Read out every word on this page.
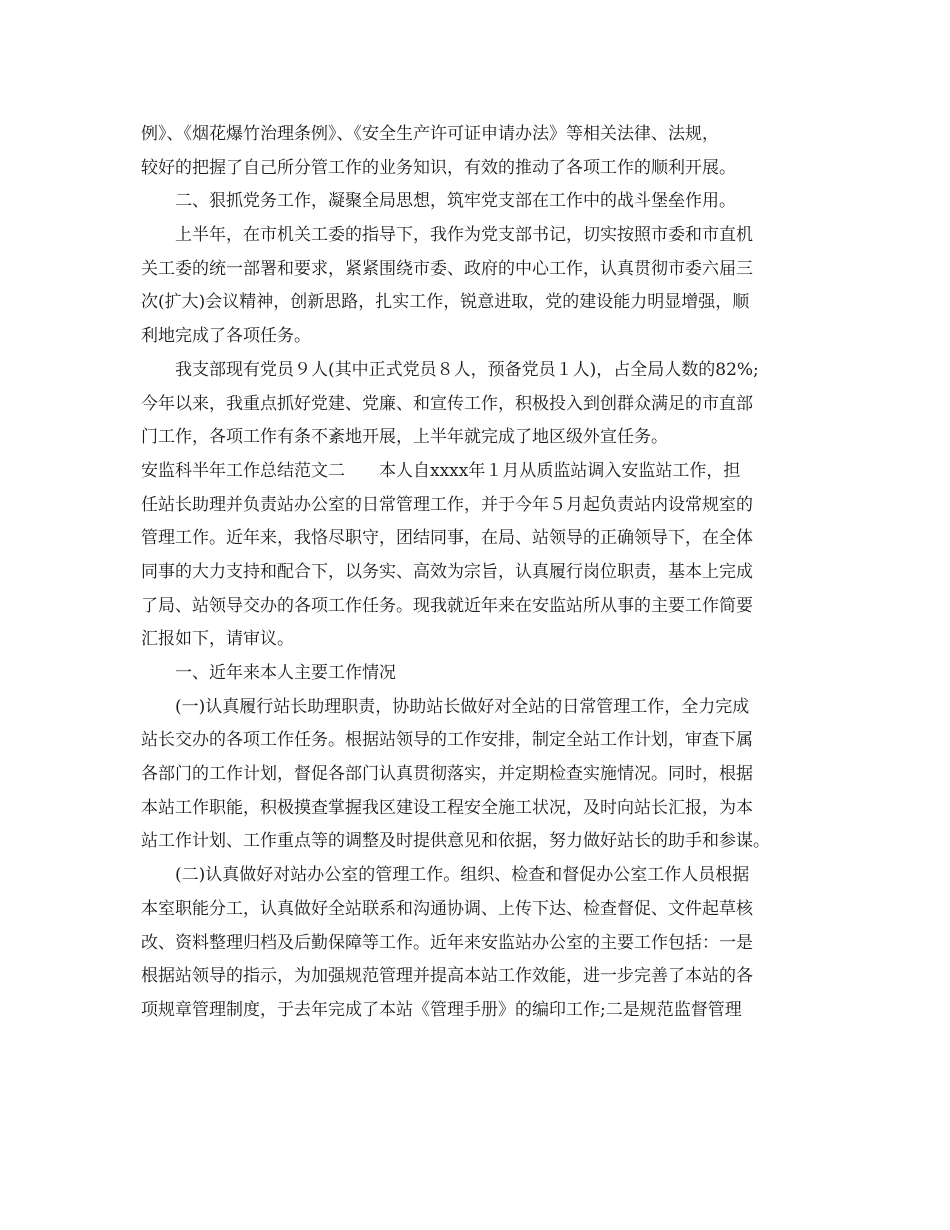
例》、《烟花爆竹治理条例》、《安全生产许可证申请办法》等相关法律、法规，
较好的把握了自己所分管工作的业务知识，有效的推动了各项工作的顺利开展。
二、狠抓党务工作，凝聚全局思想，筑牢党支部在工作中的战斗堡垒作用。
上半年，在市机关工委的指导下，我作为党支部书记，切实按照市委和市直机
关工委的统一部署和要求，紧紧围绕市委、政府的中心工作，认真贯彻市委六届三
次(扩大)会议精神，创新思路，扎实工作，锐意进取，党的建设能力明显增强，顺
利地完成了各项任务。
我支部现有党员９人(其中正式党员８人，预备党员１人)，占全局人数的82%;
今年以来，我重点抓好党建、党廉、和宣传工作，积极投入到创群众满足的市直部
门工作，各项工作有条不紊地开展，上半年就完成了地区级外宣任务。
安监科半年工作总结范文二 本人自xxxx年１月从质监站调入安监站工作，担
任站长助理并负责站办公室的日常管理工作，并于今年５月起负责站内设常规室的
管理工作。近年来，我恪尽职守，团结同事，在局、站领导的正确领导下，在全体
同事的大力支持和配合下，以务实、高效为宗旨，认真履行岗位职责，基本上完成
了局、站领导交办的各项工作任务。现我就近年来在安监站所从事的主要工作简要
汇报如下，请审议。
一、近年来本人主要工作情况
(一)认真履行站长助理职责，协助站长做好对全站的日常管理工作，全力完成
站长交办的各项工作任务。根据站领导的工作安排，制定全站工作计划，审查下属
各部门的工作计划，督促各部门认真贯彻落实，并定期检查实施情况。同时，根据
本站工作职能，积极摸查掌握我区建设工程安全施工状况，及时向站长汇报，为本
站工作计划、工作重点等的调整及时提供意见和依据，努力做好站长的助手和参谋。
(二)认真做好对站办公室的管理工作。组织、检查和督促办公室工作人员根据
本室职能分工，认真做好全站联系和沟通协调、上传下达、检查督促、文件起草核
改、资料整理归档及后勤保障等工作。近年来安监站办公室的主要工作包括：一是
根据站领导的指示，为加强规范管理并提高本站工作效能，进一步完善了本站的各
项规章管理制度，于去年完成了本站《管理手册》的编印工作;二是规范监督管理
